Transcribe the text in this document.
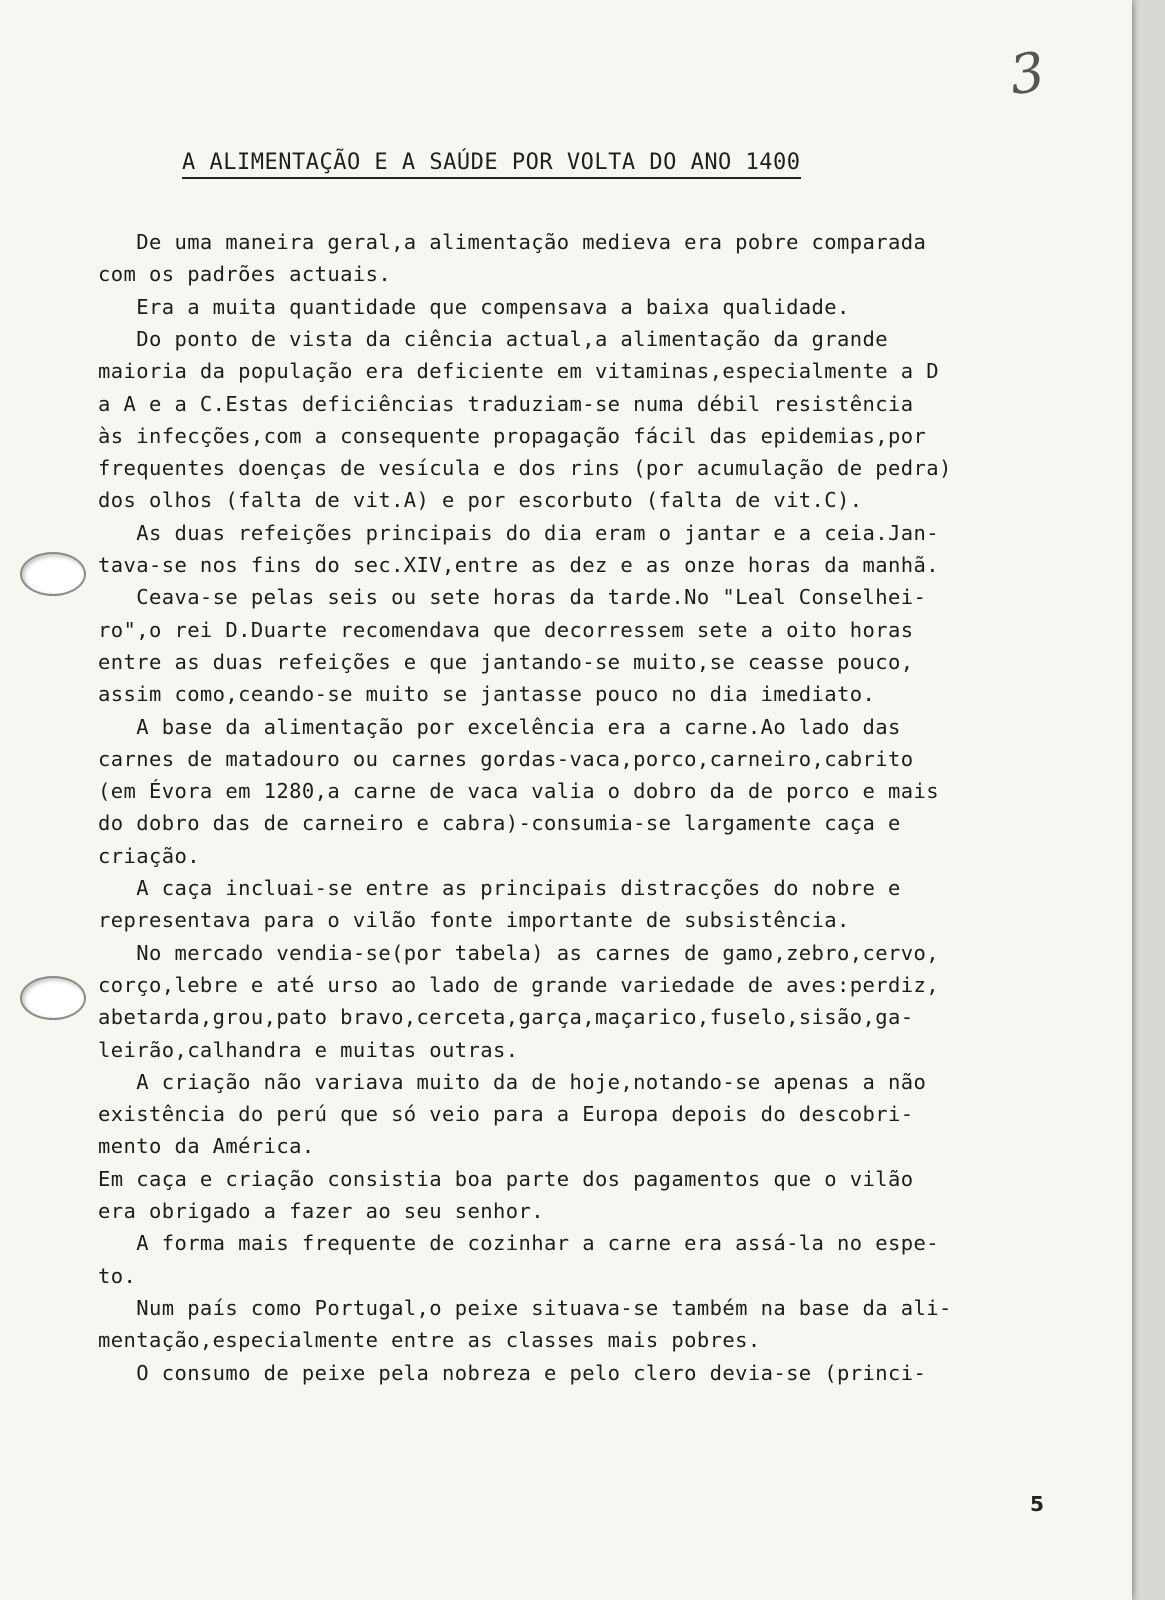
3
A ALIMENTAÇÃO E A SAÚDE POR VOLTA DO ANO 1400
De uma maneira geral,a alimentação medieva era pobre comparada
com os padrões actuais.
Era a muita quantidade que compensava a baixa qualidade.
Do ponto de vista da ciência actual,a alimentação da grande
maioria da população era deficiente em vitaminas,especialmente a D
a A e a C.Estas deficiências traduziam-se numa débil resistência
às infecções,com a consequente propagação fácil das epidemias,por
frequentes doenças de vesícula e dos rins (por acumulação de pedra)
dos olhos (falta de vit.A) e por escorbuto (falta de vit.C).
As duas refeições principais do dia eram o jantar e a ceia.Jan-
tava-se nos fins do sec.XIV,entre as dez e as onze horas da manhã.
Ceava-se pelas seis ou sete horas da tarde.No "Leal Conselhei-
ro",o rei D.Duarte recomendava que decorressem sete a oito horas
entre as duas refeições e que jantando-se muito,se ceasse pouco,
assim como,ceando-se muito se jantasse pouco no dia imediato.
A base da alimentação por excelência era a carne.Ao lado das
carnes de matadouro ou carnes gordas-vaca,porco,carneiro,cabrito
(em Évora em 1280,a carne de vaca valia o dobro da de porco e mais
do dobro das de carneiro e cabra)-consumia-se largamente caça e
criação.
A caça incluai-se entre as principais distracções do nobre e
representava para o vilão fonte importante de subsistência.
No mercado vendia-se(por tabela) as carnes de gamo,zebro,cervo,
corço,lebre e até urso ao lado de grande variedade de aves:perdiz,
abetarda,grou,pato bravo,cerceta,garça,maçarico,fuselo,sisão,ga-
leirão,calhandra e muitas outras.
A criação não variava muito da de hoje,notando-se apenas a não
existência do perú que só veio para a Europa depois do descobri-
mento da América.
Em caça e criação consistia boa parte dos pagamentos que o vilão
era obrigado a fazer ao seu senhor.
A forma mais frequente de cozinhar a carne era assá-la no espe-
to.
Num país como Portugal,o peixe situava-se também na base da ali-
mentação,especialmente entre as classes mais pobres.
O consumo de peixe pela nobreza e pelo clero devia-se (princi-
5
